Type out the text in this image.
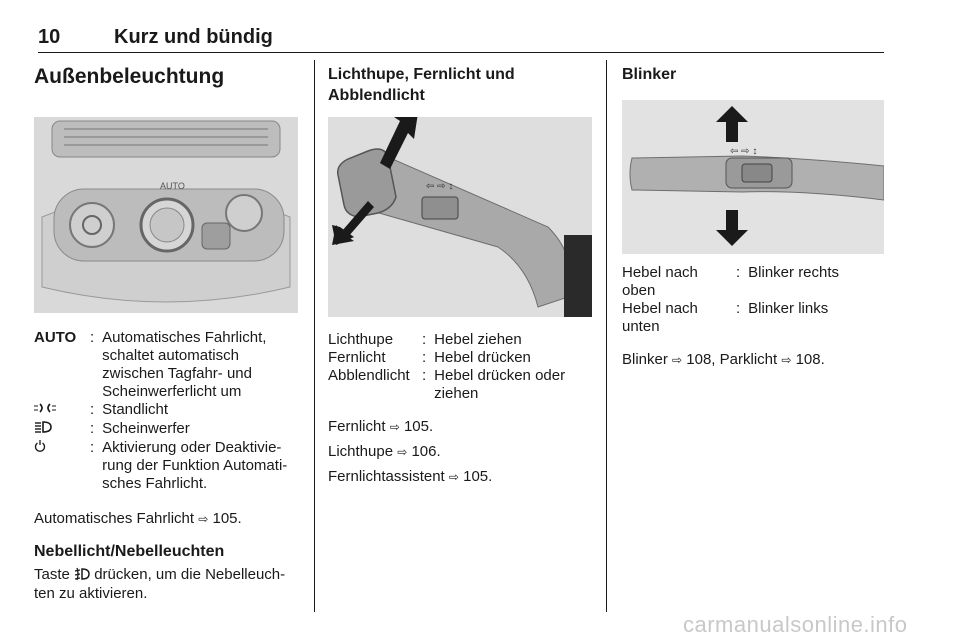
10	Kurz und bündig
Außenbeleuchtung
AUTO
AUTO : Automatisches Fahrlicht, schaltet automatisch zwischen Tagfahr- und Scheinwerferlicht um
: Standlicht
: Scheinwerfer
: Aktivierung oder Deaktivie-rung der Funktion Automati-sches Fahrlicht.

Automatisches Fahrlicht ⇨ 105.

Nebellicht/Nebelleuchten

Taste drücken, um die Nebelleuch-ten zu aktivieren.

Lichthupe, Fernlicht und Abblendlicht
⇦ ⇨ ↕
Lichthupe	: Hebel ziehen
Fernlicht	: Hebel drücken
Abblendlicht : Hebel drücken oder ziehen

Fernlicht ⇨ 105.

Lichthupe ⇨ 106.

Fernlichtassistent ⇨ 105.

Blinker
⇦ ⇨ ↕
Hebel nach oben
: Blinker rechts
Hebel nach unten
: Blinker links

Blinker ⇨ 108, Parklicht ⇨ 108.

carmanualsonline.info
